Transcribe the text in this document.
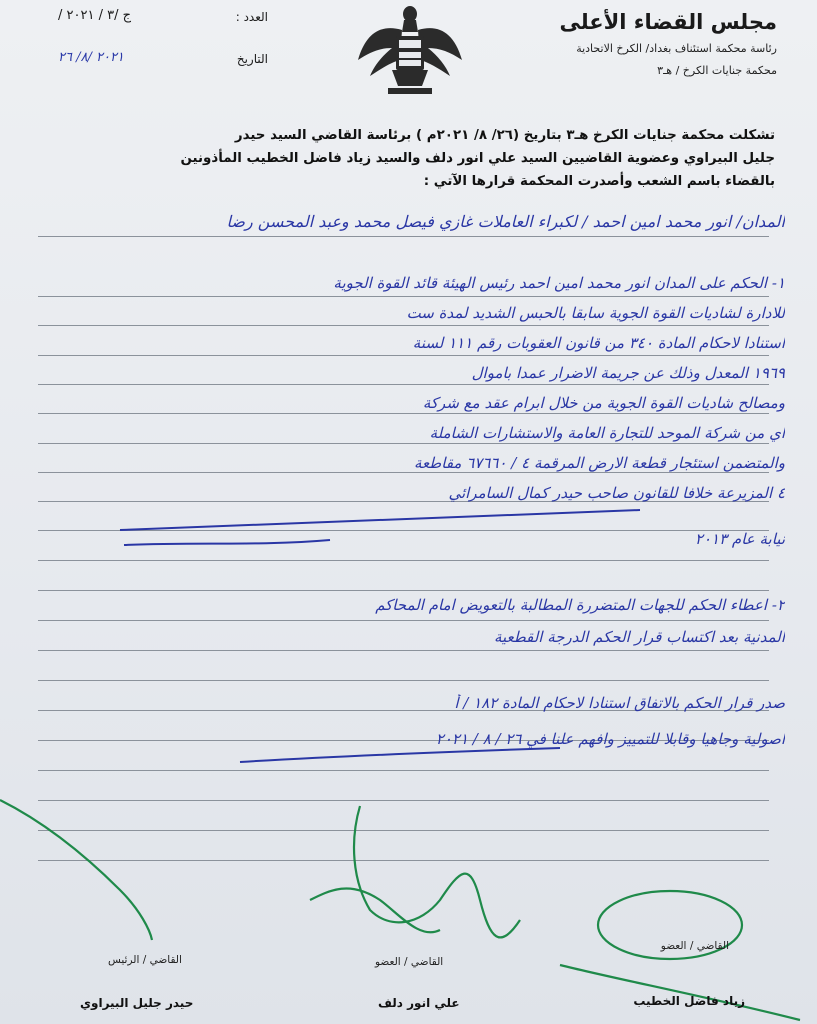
مجلس القضاء الأعلى
رئاسة محكمة استئناف بغداد/ الكرخ الاتحادية
محكمة جنايات الكرخ / هـ٣
العدد :
/ ج /٣ / ٢٠٢١
التاريخ
٢٠٢١ /٨/ ٢٦
تشكلت محكمة جنايات الكرخ هـ٣ بتاريخ (٢٦/ ٨/ ٢٠٢١م ) برئاسة القاضي السيد حيدر
جليل البيراوي وعضوية القاضيين السيد علي انور دلف والسيد زياد فاضل الخطيب المأذونين
بالقضاء باسم الشعب وأصدرت المحكمة قرارها الآتي :
المدان/ انور محمد امين احمد / لكبراء العاملات غازي فيصل محمد وعبد المحسن رضا
١- الحكم على المدان انور محمد امين احمد رئيس الهيئة قائد القوة الجوية
للادارة لشاديات القوة الجوية سابقا بالحبس الشديد لمدة ست
استنادا لاحكام المادة ٣٤٠ من قانون العقوبات رقم ١١١ لسنة
١٩٦٩ المعدل وذلك عن جريمة الاضرار عمدا باموال
ومصالح شاديات القوة الجوية من خلال ابرام عقد مع شركة
اي من شركة الموحد للتجارة العامة والاستشارات الشاملة
والمتضمن استئجار قطعة الارض المرقمة ٤ / ٦٧٦٦٠ مقاطعة
٤ المزيرعة خلافا للقانون صاحب حيدر كمال السامرائي
نيابة عام ٢٠١٣
٢- اعطاء الحكم للجهات المتضررة المطالبة بالتعويض امام المحاكم
المدنية بعد اكتساب قرار الحكم الدرجة القطعية
صدر قرار الحكم بالاتفاق استنادا لاحكام المادة ١٨٢ / أ
اصولية وجاهيا وقابلا للتمييز وافهم علنا في ٢٦ / ٨ / ٢٠٢١
القاضي / العضو
القاضي / العضو
القاضي / الرئيس
زياد فاضل الخطيب
علي انور دلف
حيدر جليل البيراوي
